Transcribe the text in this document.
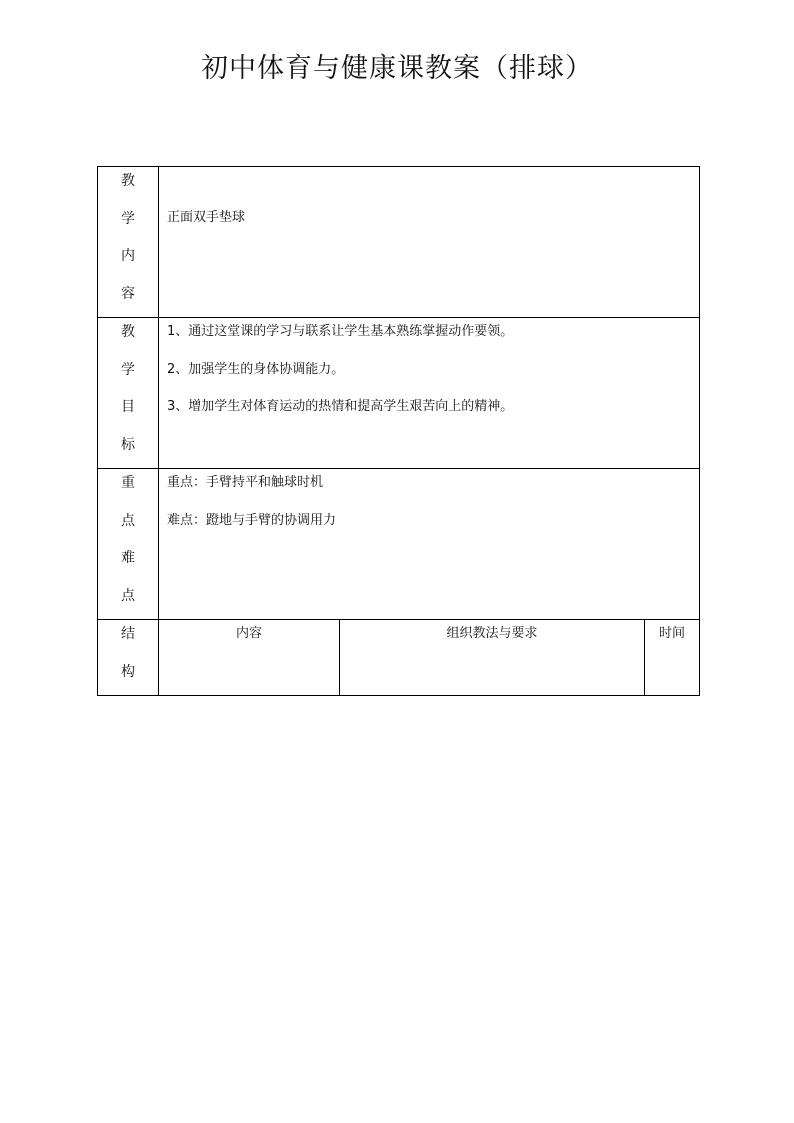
初中体育与健康课教案（排球）
教
学
内
容	正面双手垫球		

教
学
目
标	1、通过这堂课的学习与联系让学生基本熟练掌握动作要领。
2、加强学生的身体协调能力。
3、增加学生对体育运动的热情和提高学生艰苦向上的精神。		

重
点
难
点	重点：手臂持平和触球时机
难点：蹬地与手臂的协调用力		

结
构	内容	组织教法与要求	时间
